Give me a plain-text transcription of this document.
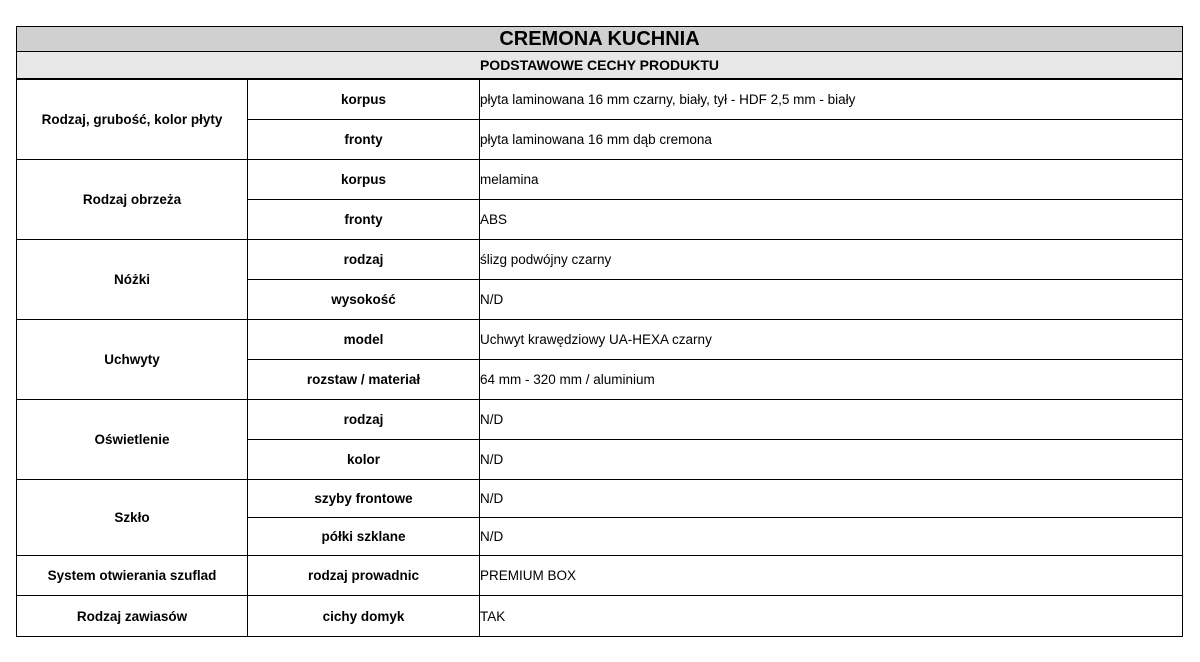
CREMONA KUCHNIA
PODSTAWOWE CECHY PRODUKTU
Rodzaj, grubość, kolor płyty	korpus	płyta laminowana 16 mm czarny, biały, tył - HDF 2,5 mm - biały
	fronty	płyta laminowana 16 mm dąb cremona
Rodzaj obrzeża	korpus	melamina
	fronty	ABS
Nóżki	rodzaj	ślizg podwójny czarny
	wysokość	N/D
Uchwyty	model	Uchwyt krawędziowy UA-HEXA czarny
	rozstaw / materiał	64 mm - 320 mm / aluminium
Oświetlenie	rodzaj	N/D
	kolor	N/D
Szkło	szyby frontowe	N/D
	półki szklane	N/D
System otwierania szuflad	rodzaj prowadnic	PREMIUM BOX
Rodzaj zawiasów	cichy domyk	TAK
